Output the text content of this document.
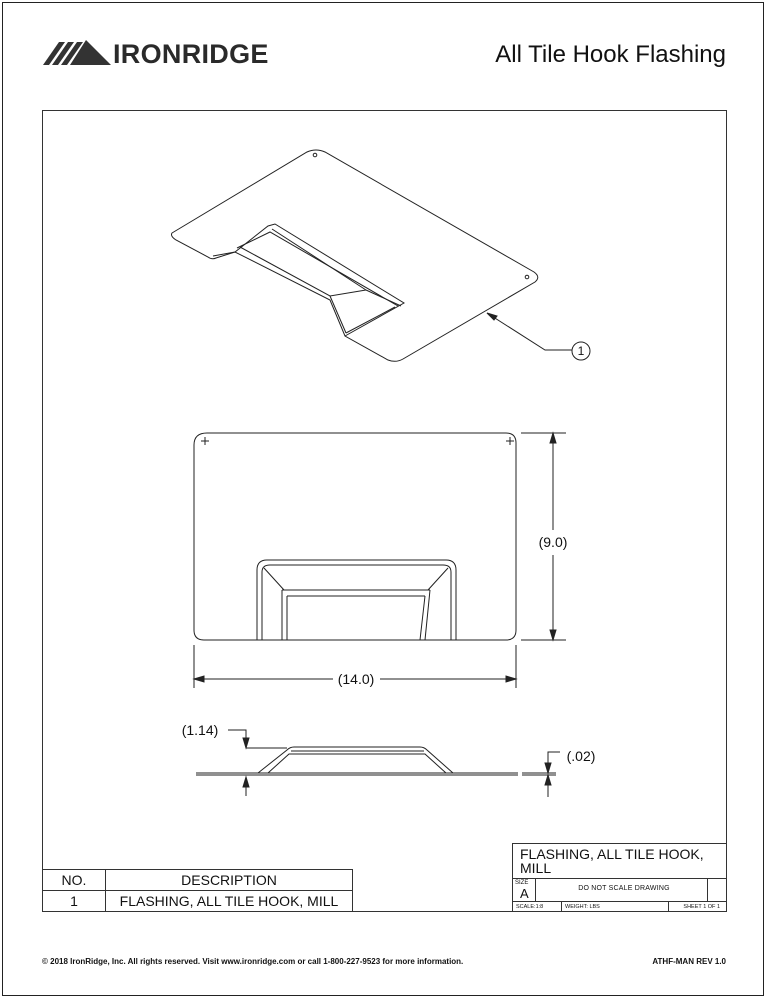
IRONRIDGE	All Tile Hook Flashing
1
(9.0)
(14.0)
(1.14)
(.02)
NO.	DESCRIPTION
1	FLASHING, ALL TILE HOOK, MILL
FLASHING, ALL TILE HOOK, MILL
SIZE
A	DO NOT SCALE DRAWING
SCALE:1:8	WEIGHT: LBS	SHEET 1 OF 1
© 2018 IronRidge, Inc. All rights reserved. Visit www.ironridge.com or call 1-800-227-9523 for more information.	ATHF-MAN REV 1.0
